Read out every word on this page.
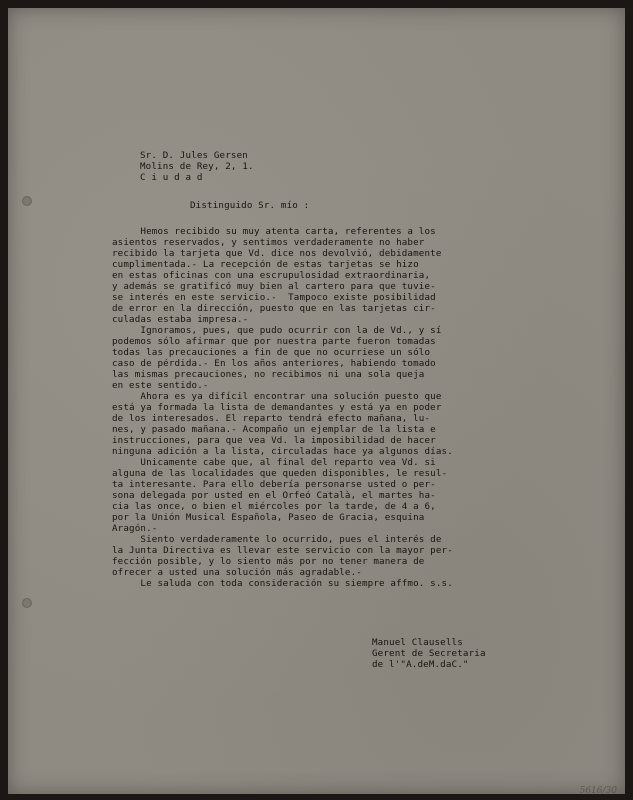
Sr. D. Jules Gersen
Molins de Rey, 2, 1.
C i u d a d
Distinguido Sr. mío :
Hemos recibido su muy atenta carta, referentes a los
asientos reservados, y sentimos verdaderamente no haber
recibido la tarjeta que Vd. dice nos devolvió, debidamente
cumplimentada.- La recepción de estas tarjetas se hizo
en estas oficinas con una escrupulosidad extraordinaria,
y además se gratificó muy bien al cartero para que tuvie-
se interés en este servicio.-  Tampoco existe posibilidad
de error en la dirección, puesto que en las tarjetas cir-
culadas estaba impresa.-
Ignoramos, pues, que pudo ocurrir con la de Vd., y sí
podemos sólo afirmar que por nuestra parte fueron tomadas
todas las precauciones a fin de que no ocurriese un sólo
caso de pérdida.- En los años anteriores, habiendo tomado
las mismas precauciones, no recibimos ni una sola queja
en este sentido.-
Ahora es ya difícil encontrar una solución puesto que
está ya formada la lista de demandantes y está ya en poder
de los interesados. El reparto tendrá efecto mañana, lu-
nes, y pasado mañana.- Acompaño un ejemplar de la lista e
instrucciones, para que vea Vd. la imposibilidad de hacer
ninguna adición a la lista, circuladas hace ya algunos días.
Unicamente cabe que, al final del reparto vea Vd. si
alguna de las localidades que queden disponibles, le resul-
ta interesante. Para ello debería personarse usted o per-
sona delegada por usted en el Orfeó Català, el martes ha-
cia las once, o bien el miércoles por la tarde, de 4 a 6,
por la Unión Musical Española, Paseo de Gracia, esquina
Aragón.-
Siento verdaderamente lo ocurrido, pues el interés de
la Junta Directiva es llevar este servicio con la mayor per-
fección posible, y lo siento más por no tener manera de
ofrecer a usted una solución más agradable.-
Le saluda con toda consideración su siempre affmo. s.s.
Manuel Clausells
Gerent de Secretaria
de l'"A.deM.daC."

5616/30
